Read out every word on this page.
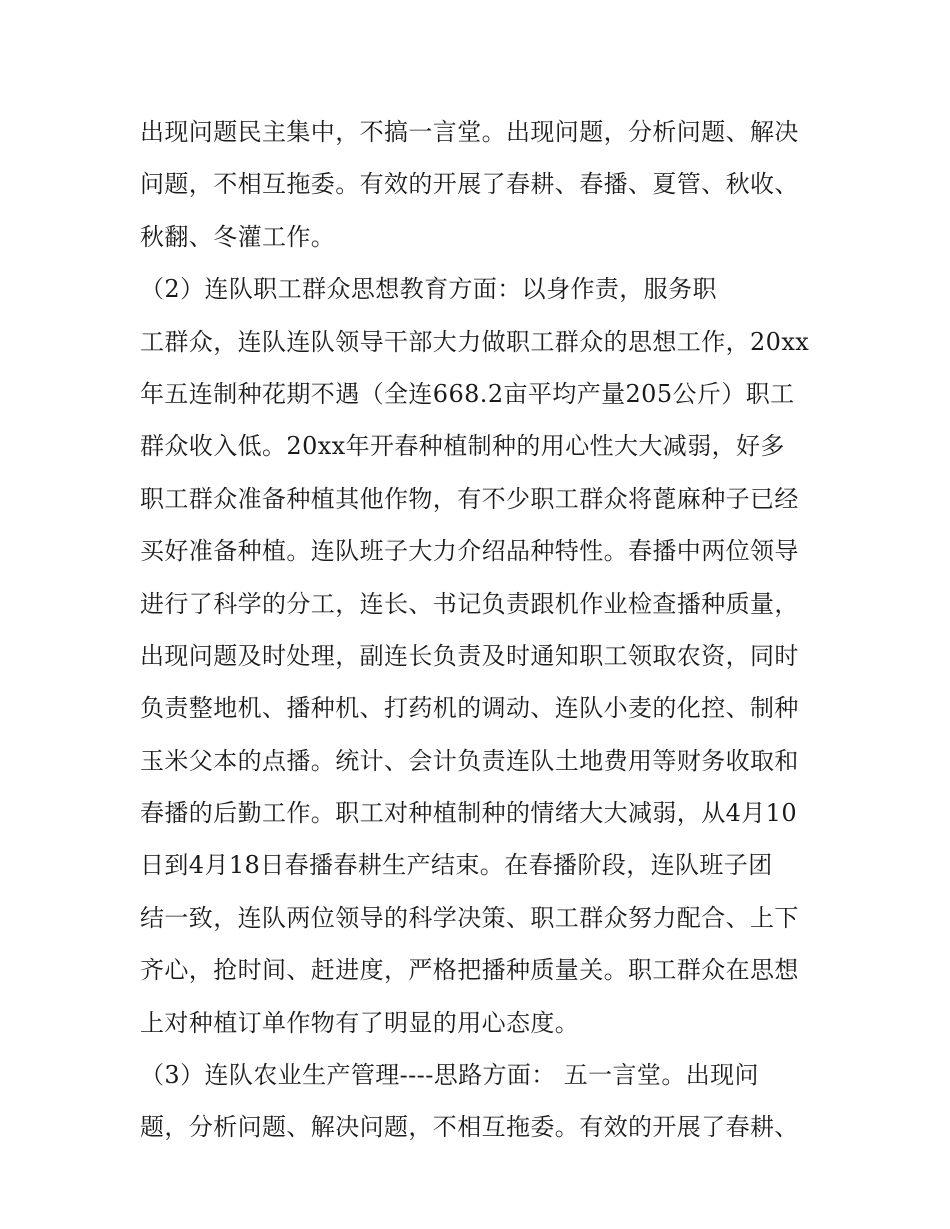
出现问题民主集中，不搞一言堂。出现问题，分析问题、解决
问题，不相互拖委。有效的开展了春耕、春播、夏管、秋收、
秋翻、冬灌工作。
（2）连队职工群众思想教育方面：以身作责，服务职
工群众，连队连队领导干部大力做职工群众的思想工作，20xx
年五连制种花期不遇（全连668.2亩平均产量205公斤）职工
群众收入低。20xx年开春种植制种的用心性大大减弱，好多
职工群众准备种植其他作物，有不少职工群众将蓖麻种子已经
买好准备种植。连队班子大力介绍品种特性。春播中两位领导
进行了科学的分工，连长、书记负责跟机作业检查播种质量，
出现问题及时处理，副连长负责及时通知职工领取农资，同时
负责整地机、播种机、打药机的调动、连队小麦的化控、制种
玉米父本的点播。统计、会计负责连队土地费用等财务收取和
春播的后勤工作。职工对种植制种的情绪大大减弱，从4月10
日到4月18日春播春耕生产结束。在春播阶段，连队班子团
结一致，连队两位领导的科学决策、职工群众努力配合、上下
齐心，抢时间、赶进度，严格把播种质量关。职工群众在思想
上对种植订单作物有了明显的用心态度。
（3）连队农业生产管理----思路方面： 五一言堂。出现问
题，分析问题、解决问题，不相互拖委。有效的开展了春耕、
